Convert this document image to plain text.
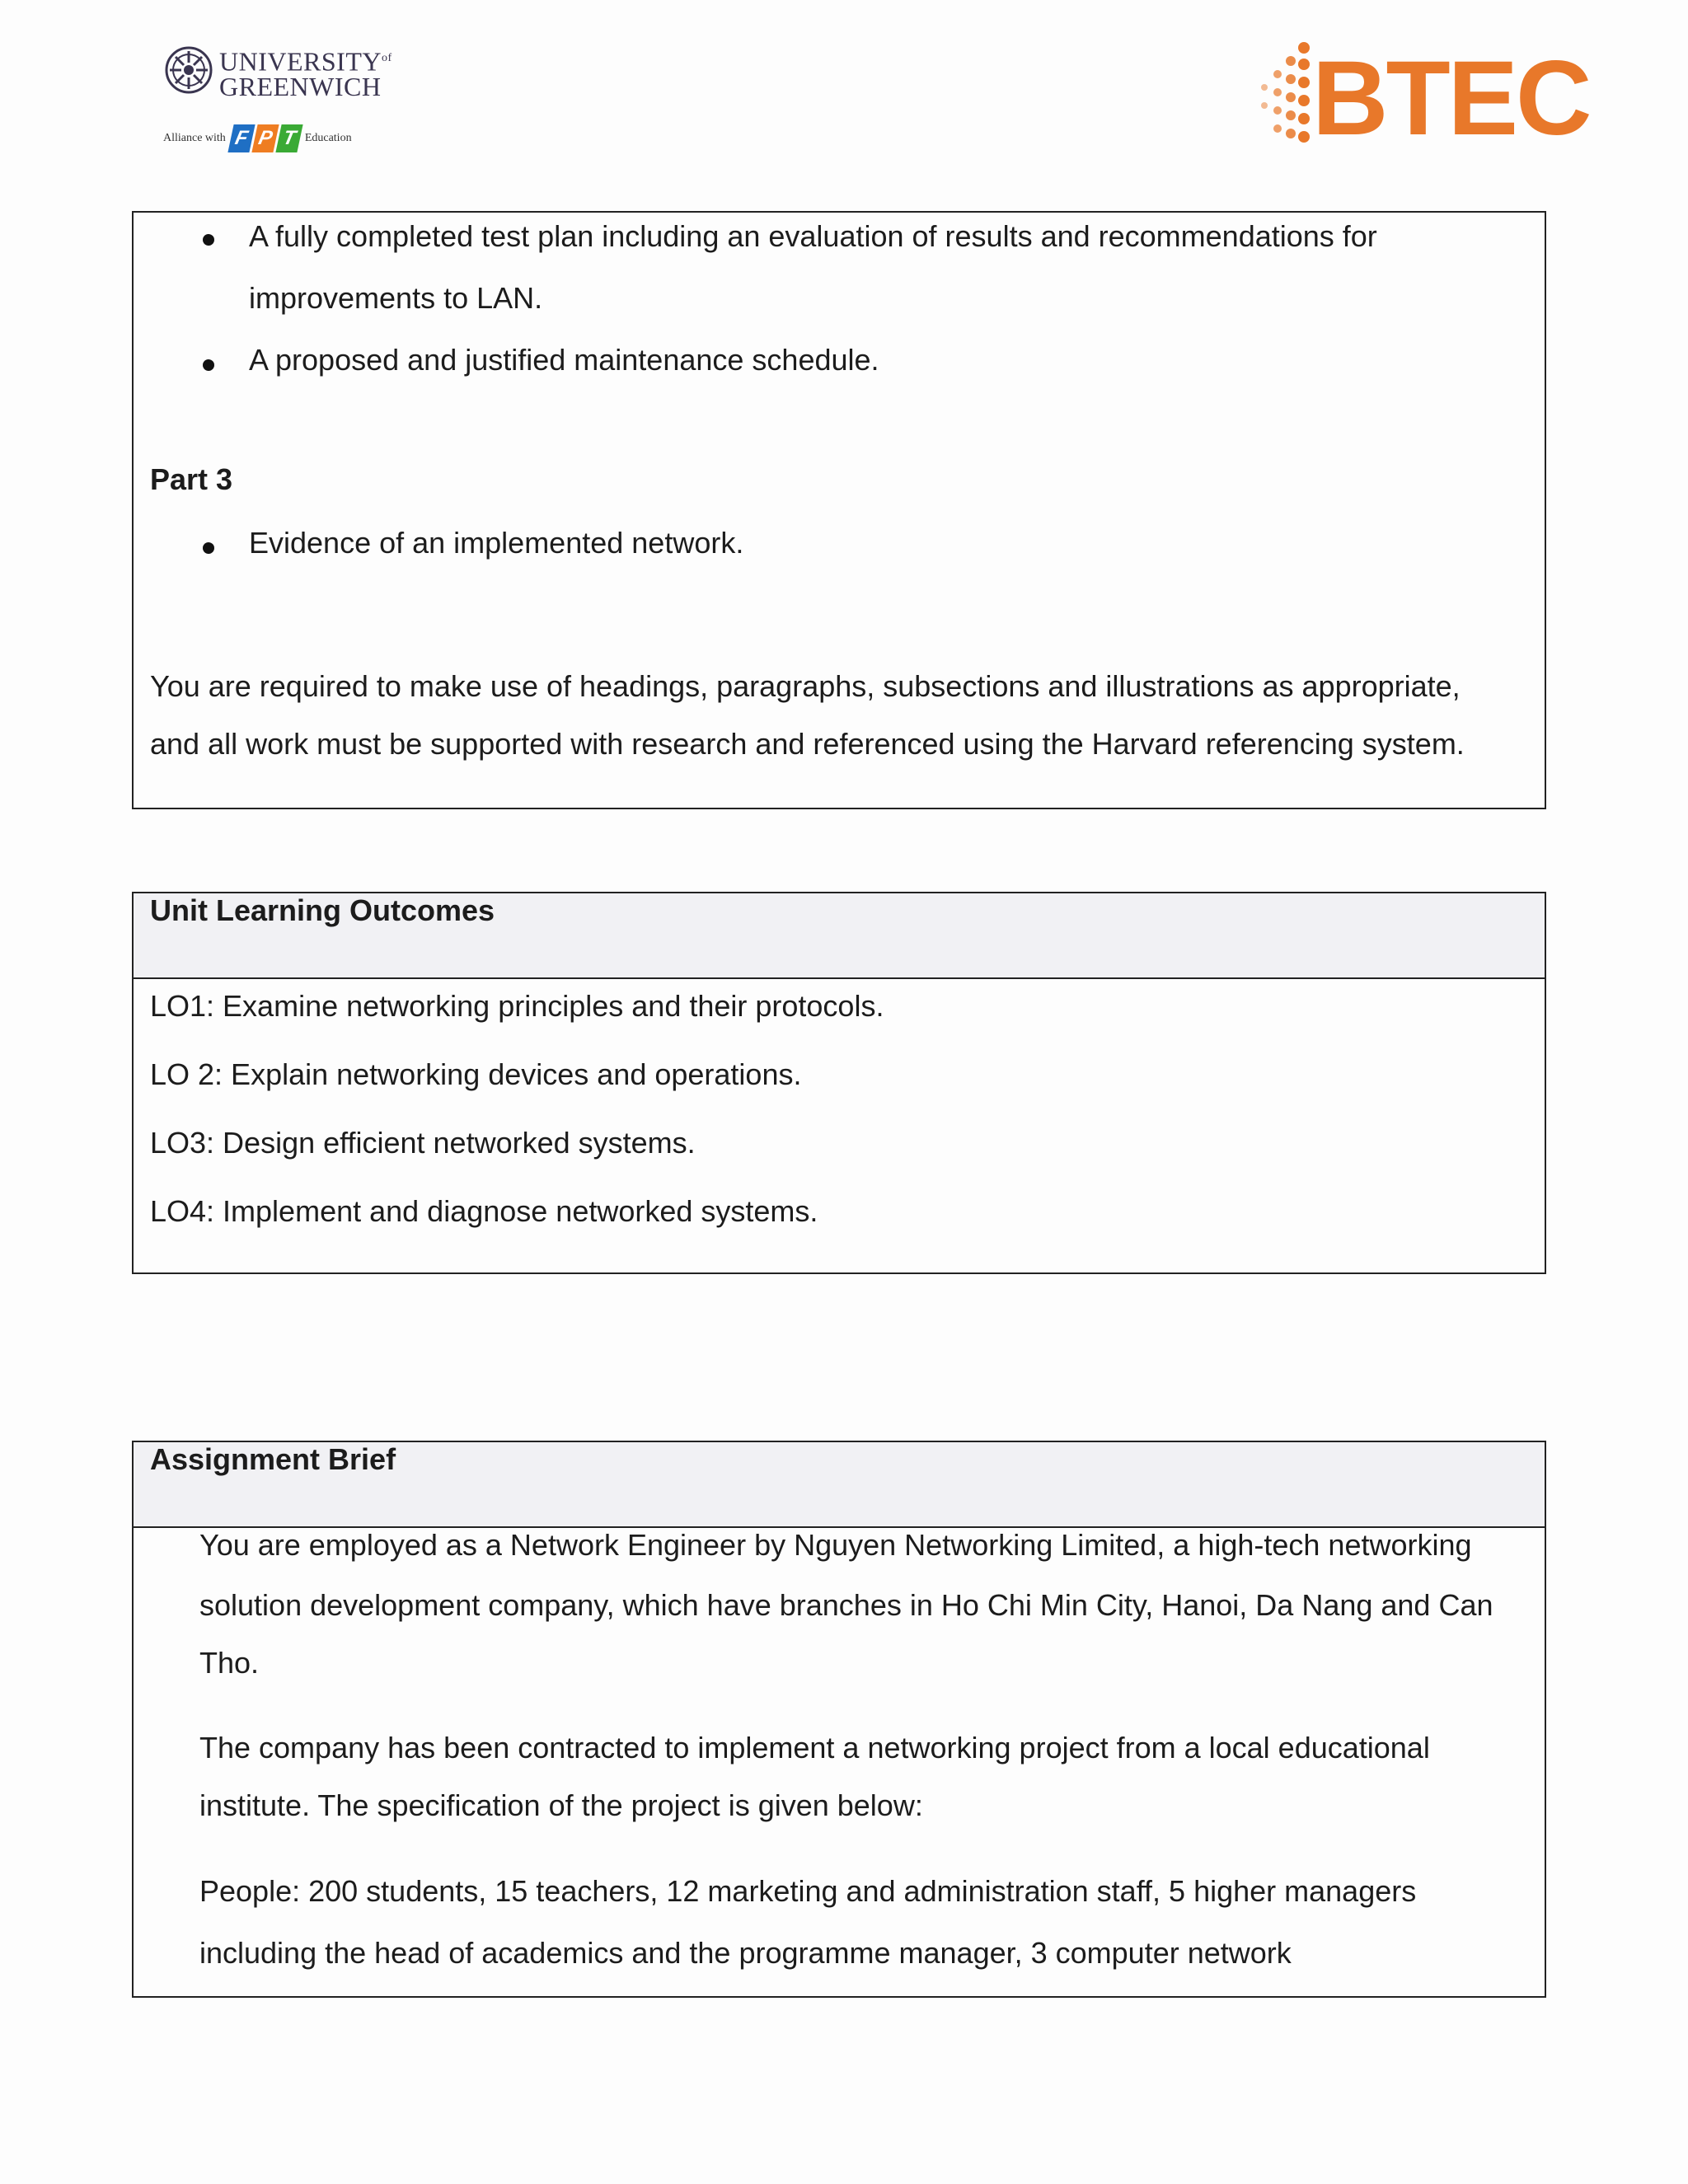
$UNIVERSITY^{of}$
GREENWICH
Alliance with F P T Education	BTEC
A fully completed test plan including an evaluation of results and recommendations for
improvements to LAN.
A proposed and justified maintenance schedule.
Part 3
Evidence of an implemented network.
You are required to make use of headings, paragraphs, subsections and illustrations as appropriate,
and all work must be supported with research and referenced using the Harvard referencing system.
Unit Learning Outcomes
LO1: Examine networking principles and their protocols.
LO 2: Explain networking devices and operations.
LO3: Design efficient networked systems.
LO4: Implement and diagnose networked systems.
Assignment Brief
You are employed as a Network Engineer by Nguyen Networking Limited, a high-tech networking
solution development company, which have branches in Ho Chi Min City, Hanoi, Da Nang and Can
Tho.
The company has been contracted to implement a networking project from a local educational
institute. The specification of the project is given below:
People: 200 students, 15 teachers, 12 marketing and administration staff, 5 higher managers
including the head of academics and the programme manager, 3 computer network
